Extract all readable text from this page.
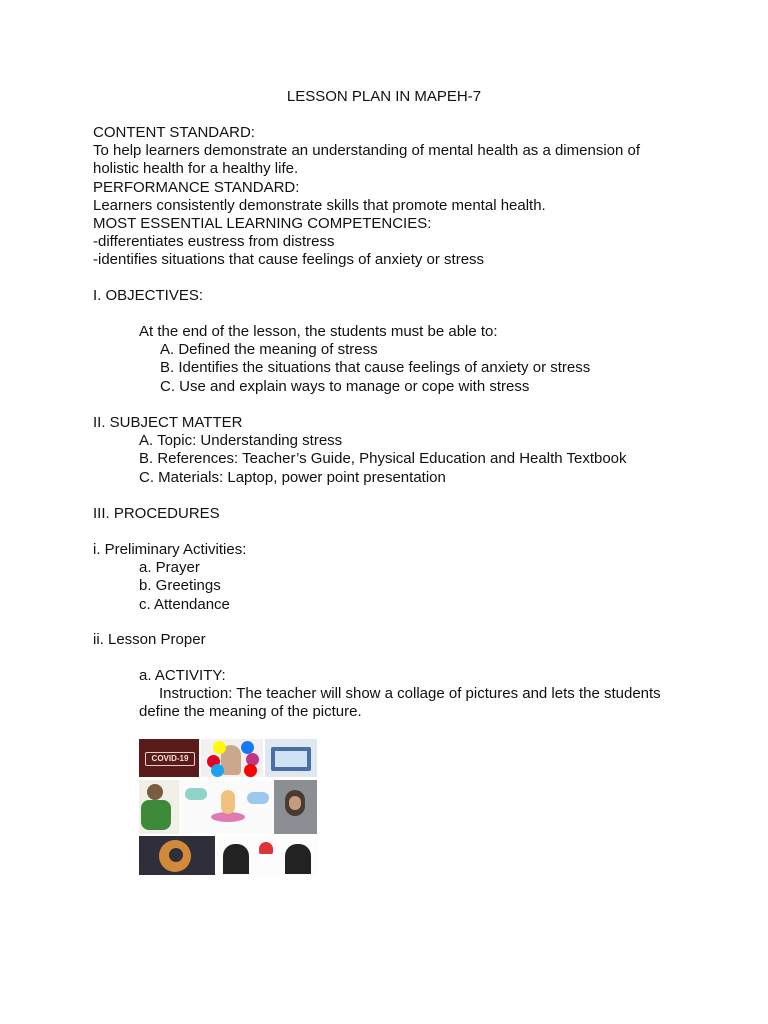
LESSON PLAN IN MAPEH-7
CONTENT STANDARD:
To help learners demonstrate an understanding of mental health as a dimension of
holistic health for a healthy life.
PERFORMANCE STANDARD:
Learners consistently demonstrate skills that promote mental health.
MOST ESSENTIAL LEARNING COMPETENCIES:
-differentiates eustress from distress
-identifies situations that cause feelings of anxiety or stress
I. OBJECTIVES:
At the end of the lesson, the students must be able to:
A. Defined the meaning of stress
B. Identifies the situations that cause feelings of anxiety or stress
C. Use and explain ways to manage or cope with stress
II. SUBJECT MATTER
A. Topic: Understanding stress
B. References: Teacher’s Guide, Physical Education and Health Textbook
C. Materials: Laptop, power point presentation
III. PROCEDURES
i. Preliminary Activities:
a. Prayer
b. Greetings
c. Attendance
ii. Lesson Proper
a. ACTIVITY:
Instruction: The teacher will show a collage of pictures and lets the students define the meaning of the picture.
COVID-19
